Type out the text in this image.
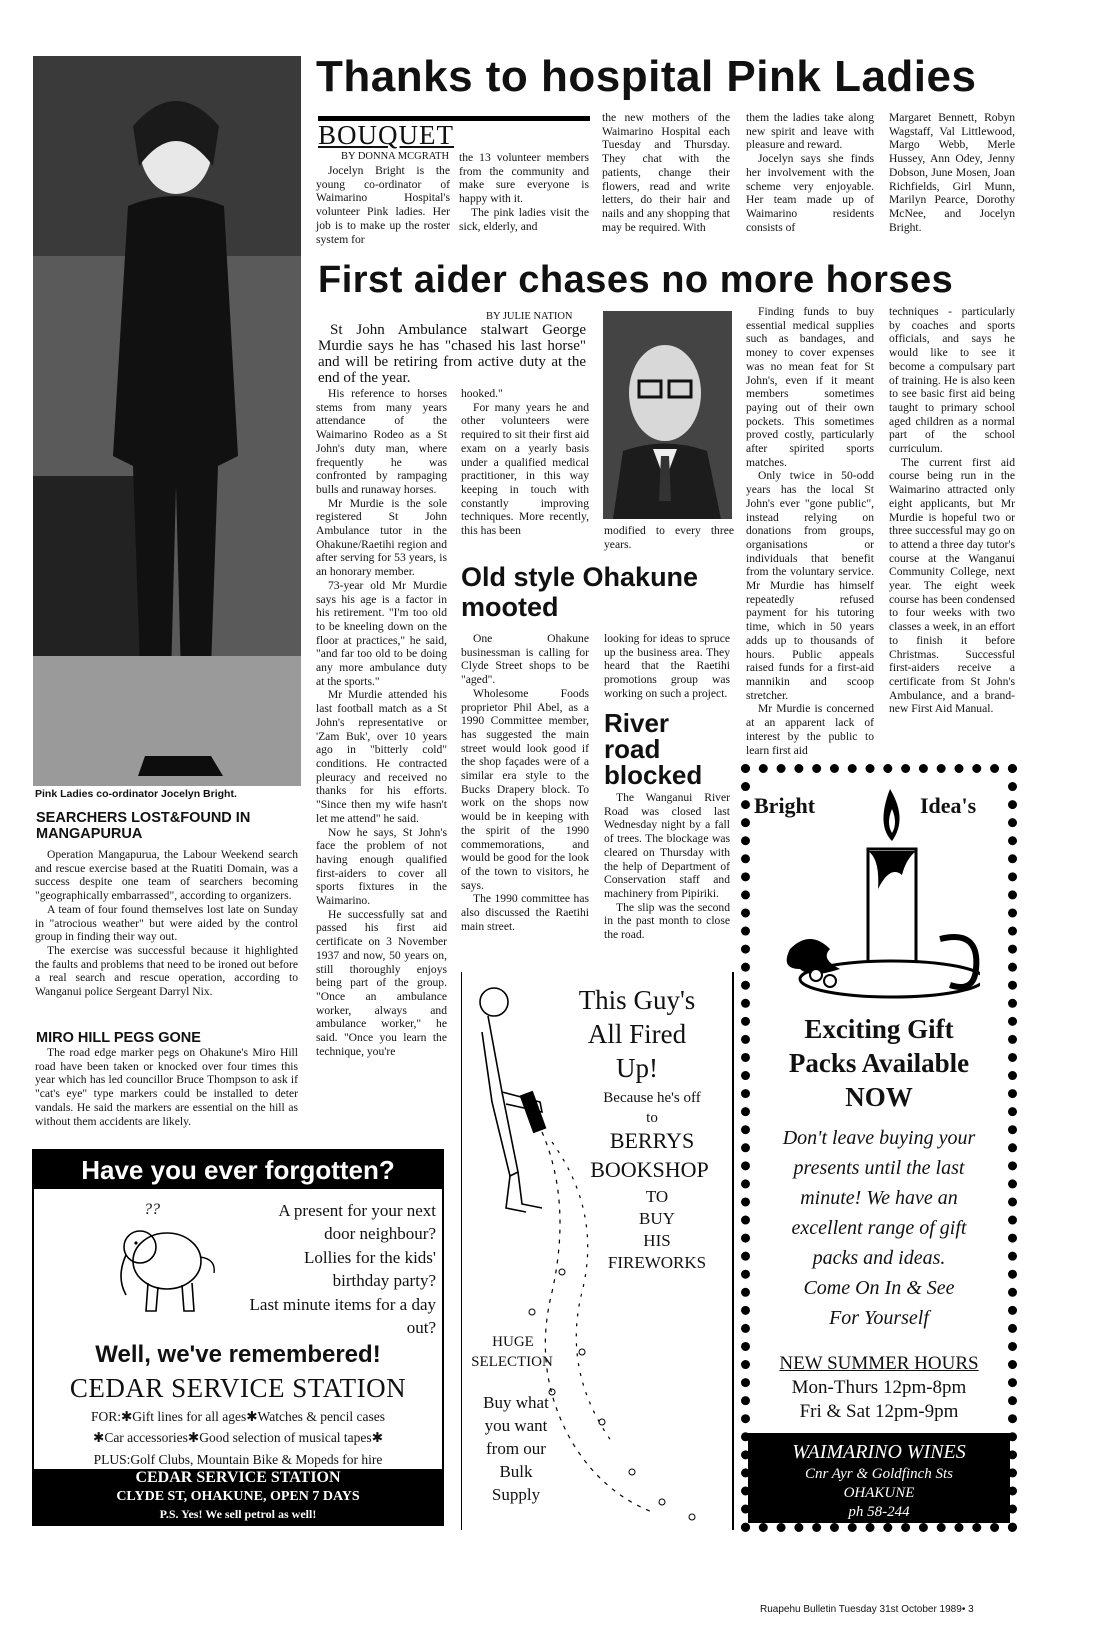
Pink Ladies co-ordinator Jocelyn Bright.
Thanks to hospital Pink Ladies
BOUQUET
BY DONNA MCGRATH

Jocelyn Bright is the young co-ordinator of Waimarino Hospital's volunteer Pink ladies. Her job is to make up the roster system for

the 13 volunteer members from the community and make sure everyone is happy with it.

The pink ladies visit the sick, elderly, and

the new mothers of the Waimarino Hospital each Tuesday and Thursday. They chat with the patients, change their flowers, read and write letters, do their hair and nails and any shopping that may be required. With

them the ladies take along new spirit and leave with pleasure and reward.

Jocelyn says she finds her involvement with the scheme very enjoyable. Her team made up of Waimarino residents consists of

Margaret Bennett, Robyn Wagstaff, Val Littlewood, Margo Webb, Merle Hussey, Ann Odey, Jenny Dobson, June Mosen, Joan Richfields, Girl Munn, Marilyn Pearce, Dorothy McNee, and Jocelyn Bright.

First aider chases no more horses
BY JULIE NATION
St John Ambulance stalwart George Murdie says he has "chased his last horse" and will be retiring from active duty at the end of the year.

His reference to horses stems from many years attendance of the Waimarino Rodeo as a St John's duty man, where frequently he was confronted by rampaging bulls and runaway horses.

Mr Murdie is the sole registered St John Ambulance tutor in the Ohakune/Raetihi region and after serving for 53 years, is an honorary member.

73-year old Mr Murdie says his age is a factor in his retirement. "I'm too old to be kneeling down on the floor at practices," he said, "and far too old to be doing any more ambulance duty at the sports."

Mr Murdie attended his last football match as a St John's representative or 'Zam Buk', over 10 years ago in "bitterly cold" conditions. He contracted pleuracy and received no thanks for his efforts. "Since then my wife hasn't let me attend" he said.

Now he says, St John's face the problem of not having enough qualified first-aiders to cover all sports fixtures in the Waimarino.

He successfully sat and passed his first aid certificate on 3 November 1937 and now, 50 years on, still thoroughly enjoys being part of the group. "Once an ambulance worker, always and ambulance worker," he said. "Once you learn the technique, you're

hooked."

For many years he and other volunteers were required to sit their first aid exam on a yearly basis under a qualified medical practitioner, in this way keeping in touch with constantly improving techniques. More recently, this has been	modified to every three years.

Finding funds to buy essential medical supplies such as bandages, and money to cover expenses was no mean feat for St John's, even if it meant members sometimes paying out of their own pockets. This sometimes proved costly, particularly after spirited sports matches.

Only twice in 50-odd years has the local St John's ever "gone public", instead relying on donations from groups, organisations or individuals that benefit from the voluntary service. Mr Murdie has himself repeatedly refused payment for his tutoring time, which in 50 years adds up to thousands of hours. Public appeals raised funds for a first-aid mannikin and scoop stretcher.

Mr Murdie is concerned at an apparent lack of interest by the public to learn first aid

techniques - particularly by coaches and sports officials, and says he would like to see it become a compulsary part of training. He is also keen to see basic first aid being taught to primary school aged children as a normal part of the school curriculum.

The current first aid course being run in the Waimarino attracted only eight applicants, but Mr Murdie is hopeful two or three successful may go on to attend a three day tutor's course at the Wanganui Community College, next year. The eight week course has been condensed to four weeks with two classes a week, in an effort to finish it before Christmas. Successful first-aiders receive a certificate from St John's Ambulance, and a brand-new First Aid Manual.

Old style Ohakune mooted

One Ohakune businessman is calling for Clyde Street shops to be "aged".

Wholesome Foods proprietor Phil Abel, as a 1990 Committee member, has suggested the main street would look good if the shop façades were of a similar era style to the Bucks Drapery block. To work on the shops now would be in keeping with the spirit of the 1990 commemorations, and would be good for the look of the town to visitors, he says.

The 1990 committee has also discussed the Raetihi main street.

looking for ideas to spruce up the business area. They heard that the Raetihi promotions group was working on such a project.

River road blocked

The Wanganui River Road was closed last Wednesday night by a fall of trees. The blockage was cleared on Thursday with the help of Department of Conservation staff and machinery from Pipiriki.

The slip was the second in the past month to close the road.

SEARCHERS LOST&FOUND IN MANGAPURUA

Operation Mangapurua, the Labour Weekend search and rescue exercise based at the Ruatiti Domain, was a success despite one team of searchers becoming "geographically embarrassed", according to organizers.

A team of four found themselves lost late on Sunday in "atrocious weather" but were aided by the control group in finding their way out.

The exercise was successful because it highlighted the faults and problems that need to be ironed out before a real search and rescue operation, according to Wanganui police Sergeant Darryl Nix.

MIRO HILL PEGS GONE

The road edge marker pegs on Ohakune's Miro Hill road have been taken or knocked over four times this year which has led councillor Bruce Thompson to ask if "cat's eye" type markers could be installed to deter vandals. He said the markers are essential on the hill as without them accidents are likely.

Have you ever forgotten?
??	A present for your next door neighbour?
Lollies for the kids' birthday party?
Last minute items for a day out?
Well, we've remembered!
CEDAR SERVICE STATION
FOR:✱Gift lines for all ages✱Watches & pencil cases
✱Car accessories✱Good selection of musical tapes✱
PLUS:Golf Clubs, Mountain Bike & Mopeds for hire
CEDAR SERVICE STATION
CLYDE ST, OHAKUNE, OPEN 7 DAYS
P.S. Yes! We sell petrol as well!
This Guy's
All Fired
Up!
Because he's off
to
BERRYS
BOOKSHOP
TO
BUY
HIS
FIREWORKS
HUGE
SELECTION
Buy what
you want
from our
Bulk
Supply
Bright	Idea's
Exciting Gift
Packs Available
NOW
Don't leave buying your
presents until the last
minute! We have an
excellent range of gift
packs and ideas.
Come On In & See
For Yourself
NEW SUMMER HOURS
Mon-Thurs 12pm-8pm
Fri & Sat 12pm-9pm
WAIMARINO WINES
Cnr Ayr & Goldfinch Sts
OHAKUNE
ph 58-244
Ruapehu Bulletin Tuesday 31st October 1989• 3
